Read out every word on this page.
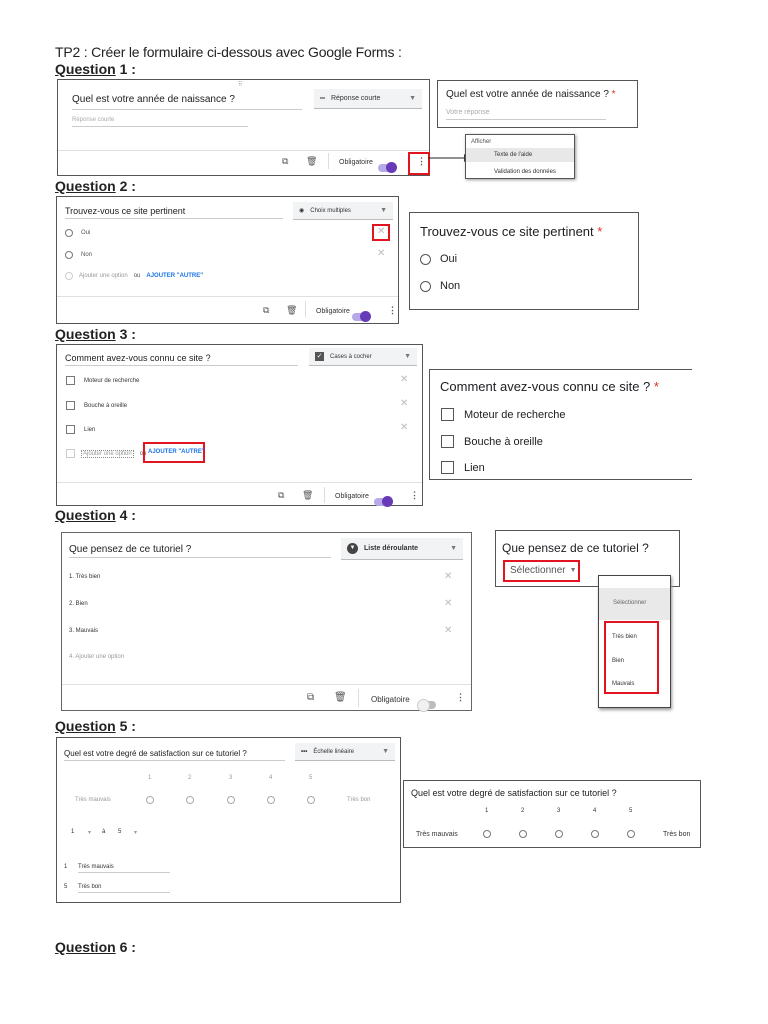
TP2 : Créer le formulaire ci-dessous avec Google Forms :
Question 1 :
⠿
Quel est votre année de naissance ?	═ Réponse courte	▼
Réponse courte
⧉ 🗑	Obligatoire	⋮
Afficher
Texte de l'aide
Validation des données
Quel est votre année de naissance ? *
Votre réponse
Question 2 :
Trouvez-vous ce site pertinent	◉ Choix multiples	▼
Oui	✕
Non	✕
Ajouter une option ou AJOUTER "AUTRE"
⧉ 🗑	Obligatoire	⋮
Trouvez-vous ce site pertinent *
Oui
Non
Question 3 :
Comment avez-vous connu ce site ?	✓ Cases à cocher	▼
Moteur de recherche	✕
Bouche à oreille	✕
Lien	✕
Ajouter une option	ou AJOUTER "AUTRE"
⧉ 🗑	Obligatoire	⋮
Comment avez-vous connu ce site ? *
Moteur de recherche
Bouche à oreille
Lien
Question 4 :
Que pensez de ce tutoriel ?	▼	Liste déroulante	▼
1. Très bien	✕
2. Bien	✕
3. Mauvais	✕
4. Ajouter une option
⧉ 🗑	Obligatoire	⋮
Que pensez de ce tutoriel ?
Sélectionner ▼
Sélectionner
Très bien
Bien
Mauvais
Question 5 :
Quel est votre degré de satisfaction sur ce tutoriel ?	••• Échelle linéaire	▼
1	2	3	4	5
Très mauvais	Très bon
1 ▾ à 5 ▾
1 Très mauvais
5 Très bon
Quel est votre degré de satisfaction sur ce tutoriel ?
1	2	3	4	5
Très mauvais	Très bon
Question 6 :
